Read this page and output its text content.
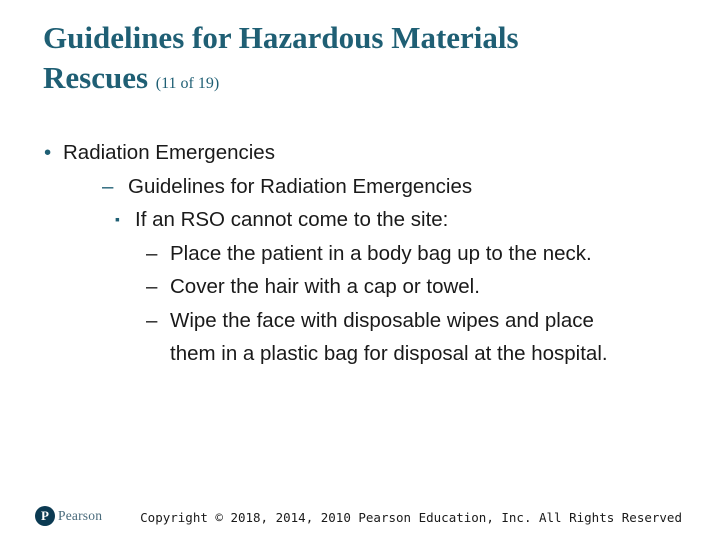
Guidelines for Hazardous Materials
Rescues (11 of 19)
• Radiation Emergencies
– Guidelines for Radiation Emergencies
▪ If an RSO cannot come to the site:
– Place the patient in a body bag up to the neck.
– Cover the hair with a cap or towel.
– Wipe the face with disposable wipes and place
them in a plastic bag for disposal at the hospital.
P Pearson	Copyright © 2018, 2014, 2010 Pearson Education, Inc. All Rights Reserved
